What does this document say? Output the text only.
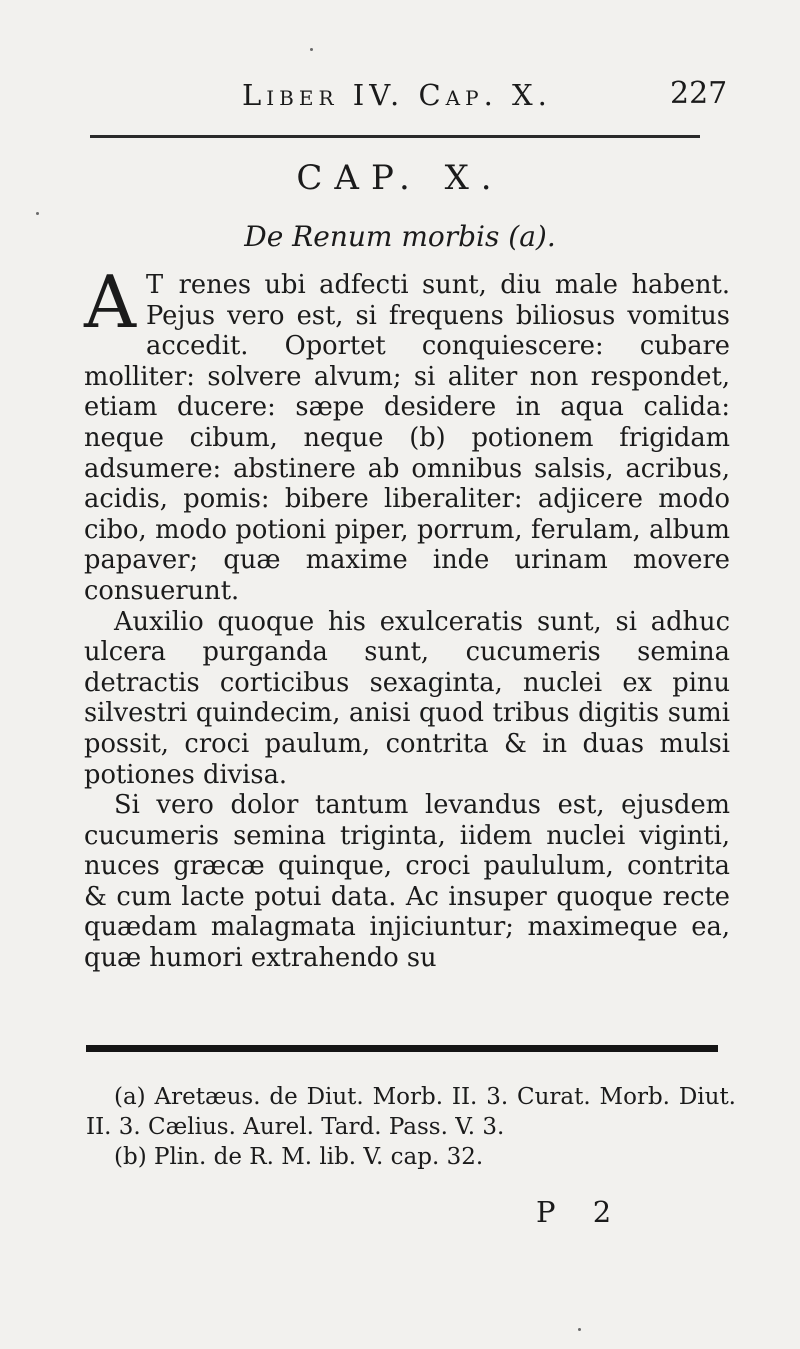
Liber IV. Cap. X.	227
CAP. X.
De Renum morbis (a).

A T renes ubi adfecti sunt, diu male habent. Pejus vero est, si frequens biliosus vomitus accedit. Oportet conquiescere: cubare molliter: solvere alvum; si aliter non respondet, etiam ducere: sæpe desidere in aqua calida: neque cibum, neque (b) potionem frigidam adsumere: abstinere ab omnibus salsis, acribus, acidis, pomis: bibere liberaliter: adjicere modo cibo, modo potioni piper, porrum, ferulam, album papaver; quæ maxime inde urinam movere consuerunt.

Auxilio quoque his exulceratis sunt, si adhuc ulcera purganda sunt, cucumeris semina detractis corticibus sexaginta, nuclei ex pinu silvestri quindecim, anisi quod tribus digitis sumi possit, croci paulum, contrita & in duas mulsi potiones divisa.

Si vero dolor tantum levandus est, ejusdem cucumeris semina triginta, iidem nuclei viginti, nuces græcæ quinque, croci paululum, contrita & cum lacte potui data. Ac insuper quoque recte quædam malagmata injiciuntur; maximeque ea, quæ humori extrahendo su

(a) Aretæus. de Diut. Morb. II. 3. Curat. Morb. Diut. II. 3. Cælius. Aurel. Tard. Pass. V. 3.

(b) Plin. de R. M. lib. V. cap. 32.

P 2
